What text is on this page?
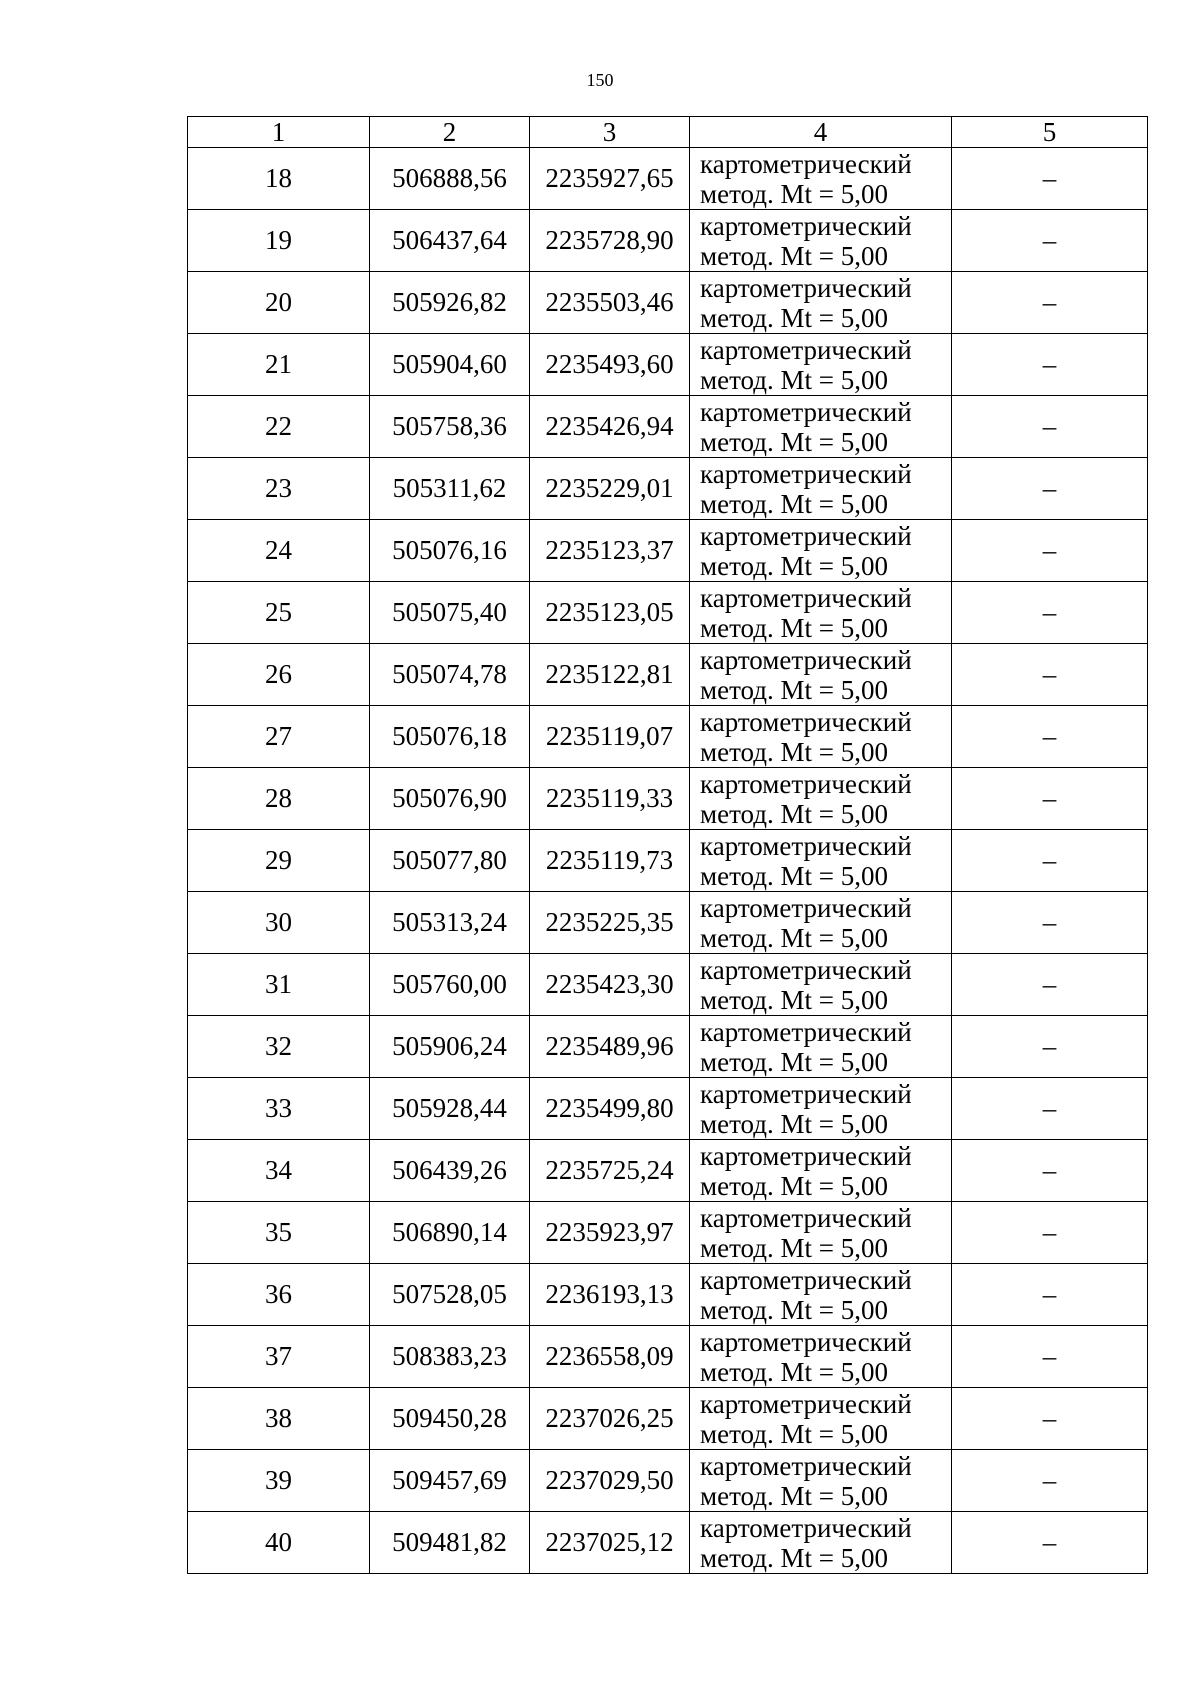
150
1	2	3	4	5
18	506888,56	2235927,65	картометрический
метод. Mt = 5,00	–
19	506437,64	2235728,90	картометрический
метод. Mt = 5,00	–
20	505926,82	2235503,46	картометрический
метод. Mt = 5,00	–
21	505904,60	2235493,60	картометрический
метод. Mt = 5,00	–
22	505758,36	2235426,94	картометрический
метод. Mt = 5,00	–
23	505311,62	2235229,01	картометрический
метод. Mt = 5,00	–
24	505076,16	2235123,37	картометрический
метод. Mt = 5,00	–
25	505075,40	2235123,05	картометрический
метод. Mt = 5,00	–
26	505074,78	2235122,81	картометрический
метод. Mt = 5,00	–
27	505076,18	2235119,07	картометрический
метод. Mt = 5,00	–
28	505076,90	2235119,33	картометрический
метод. Mt = 5,00	–
29	505077,80	2235119,73	картометрический
метод. Mt = 5,00	–
30	505313,24	2235225,35	картометрический
метод. Mt = 5,00	–
31	505760,00	2235423,30	картометрический
метод. Mt = 5,00	–
32	505906,24	2235489,96	картометрический
метод. Mt = 5,00	–
33	505928,44	2235499,80	картометрический
метод. Mt = 5,00	–
34	506439,26	2235725,24	картометрический
метод. Mt = 5,00	–
35	506890,14	2235923,97	картометрический
метод. Mt = 5,00	–
36	507528,05	2236193,13	картометрический
метод. Mt = 5,00	–
37	508383,23	2236558,09	картометрический
метод. Mt = 5,00	–
38	509450,28	2237026,25	картометрический
метод. Mt = 5,00	–
39	509457,69	2237029,50	картометрический
метод. Mt = 5,00	–
40	509481,82	2237025,12	картометрический
метод. Mt = 5,00	–
